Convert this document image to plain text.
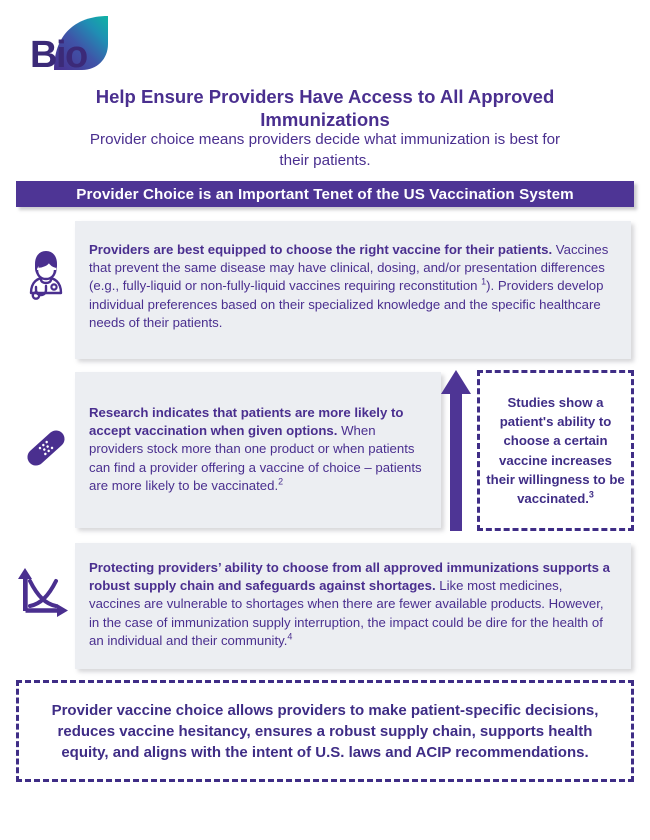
Bio
Help Ensure Providers Have Access to All Approved Immunizations
Provider choice means providers decide what immunization is best for their patients.
Provider Choice is an Important Tenet of the US Vaccination System
Providers are best equipped to choose the right vaccine for their patients. Vaccines that prevent the same disease may have clinical, dosing, and/or presentation differences (e.g., fully-liquid or non-fully-liquid vaccines requiring reconstitution $^1$). Providers develop individual preferences based on their specialized knowledge and the specific healthcare needs of their patients.
Research indicates that patients are more likely to accept vaccination when given options. When providers stock more than one product or when patients can find a provider offering a vaccine of choice – patients are more likely to be vaccinated.$^2$
Studies show a patient's ability to choose a certain vaccine increases their willingness to be vaccinated.$^3$
Protecting providers’ ability to choose from all approved immunizations supports a robust supply chain and safeguards against shortages. Like most medicines, vaccines are vulnerable to shortages when there are fewer available products. However, in the case of immunization supply interruption, the impact could be dire for the health of an individual and their community.$^4$
Provider vaccine choice allows providers to make patient-specific decisions, reduces vaccine hesitancy, ensures a robust supply chain, supports health equity, and aligns with the intent of U.S. laws and ACIP recommendations.
